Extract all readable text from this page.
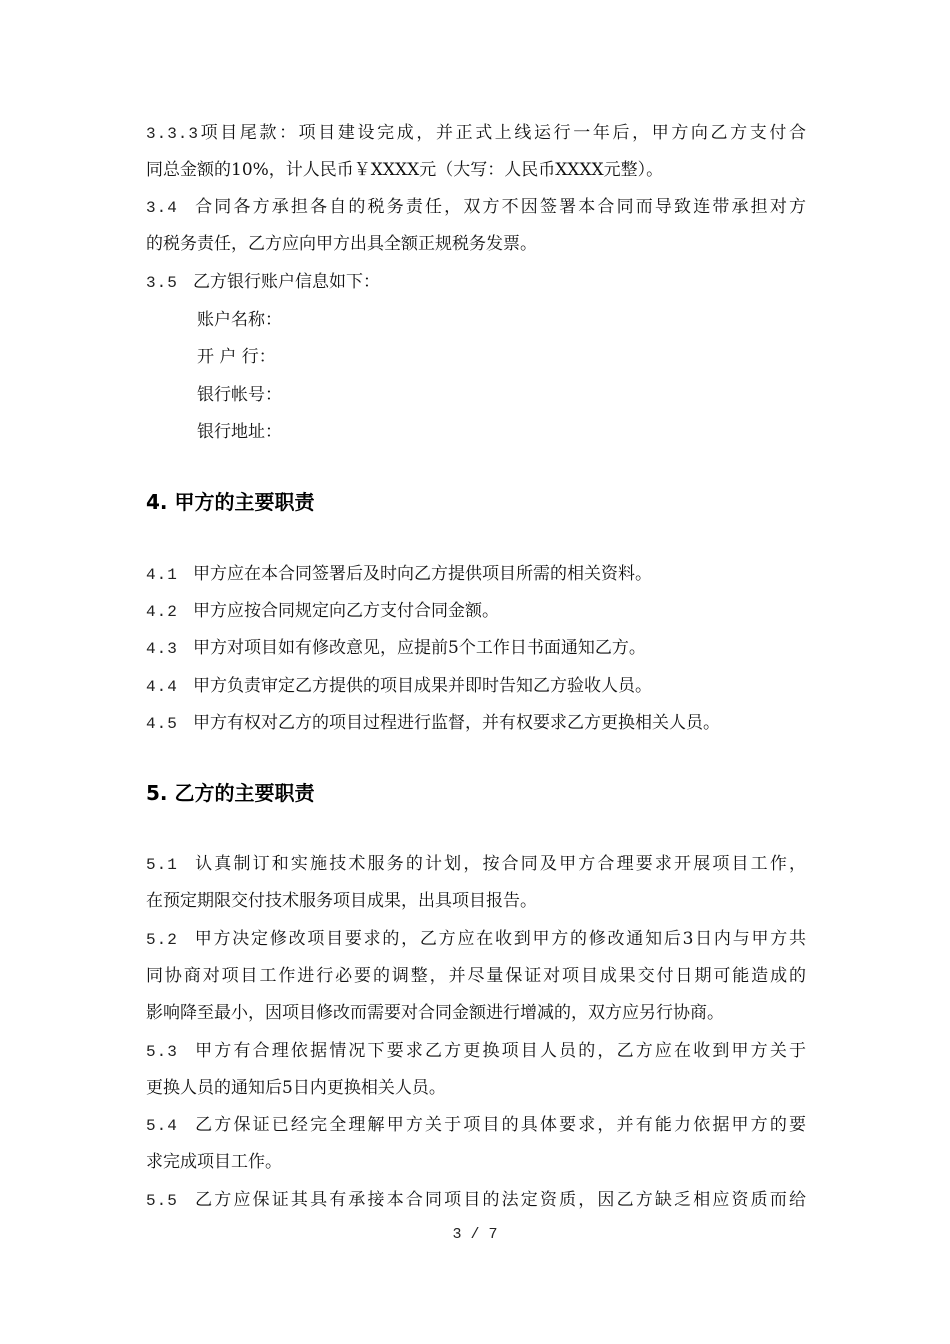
3.3.3项目尾款：项目建设完成，并正式上线运行一年后，甲方向乙方支付合
同总金额的10%，计人民币￥XXXX元（大写：人民币XXXX元整）。
3.4 合同各方承担各自的税务责任，双方不因签署本合同而导致连带承担对方
的税务责任，乙方应向甲方出具全额正规税务发票。
3.5 乙方银行账户信息如下：
账户名称：
开 户 行：
银行帐号：
银行地址：
4. 甲方的主要职责
4.1 甲方应在本合同签署后及时向乙方提供项目所需的相关资料。
4.2 甲方应按合同规定向乙方支付合同金额。
4.3 甲方对项目如有修改意见，应提前5个工作日书面通知乙方。
4.4 甲方负责审定乙方提供的项目成果并即时告知乙方验收人员。
4.5 甲方有权对乙方的项目过程进行监督，并有权要求乙方更换相关人员。
5. 乙方的主要职责
5.1 认真制订和实施技术服务的计划，按合同及甲方合理要求开展项目工作，
在预定期限交付技术服务项目成果，出具项目报告。
5.2 甲方决定修改项目要求的，乙方应在收到甲方的修改通知后3日内与甲方共
同协商对项目工作进行必要的调整，并尽量保证对项目成果交付日期可能造成的
影响降至最小，因项目修改而需要对合同金额进行增减的，双方应另行协商。
5.3 甲方有合理依据情况下要求乙方更换项目人员的，乙方应在收到甲方关于
更换人员的通知后5日内更换相关人员。
5.4 乙方保证已经完全理解甲方关于项目的具体要求，并有能力依据甲方的要
求完成项目工作。
5.5 乙方应保证其具有承接本合同项目的法定资质，因乙方缺乏相应资质而给
3 / 7
